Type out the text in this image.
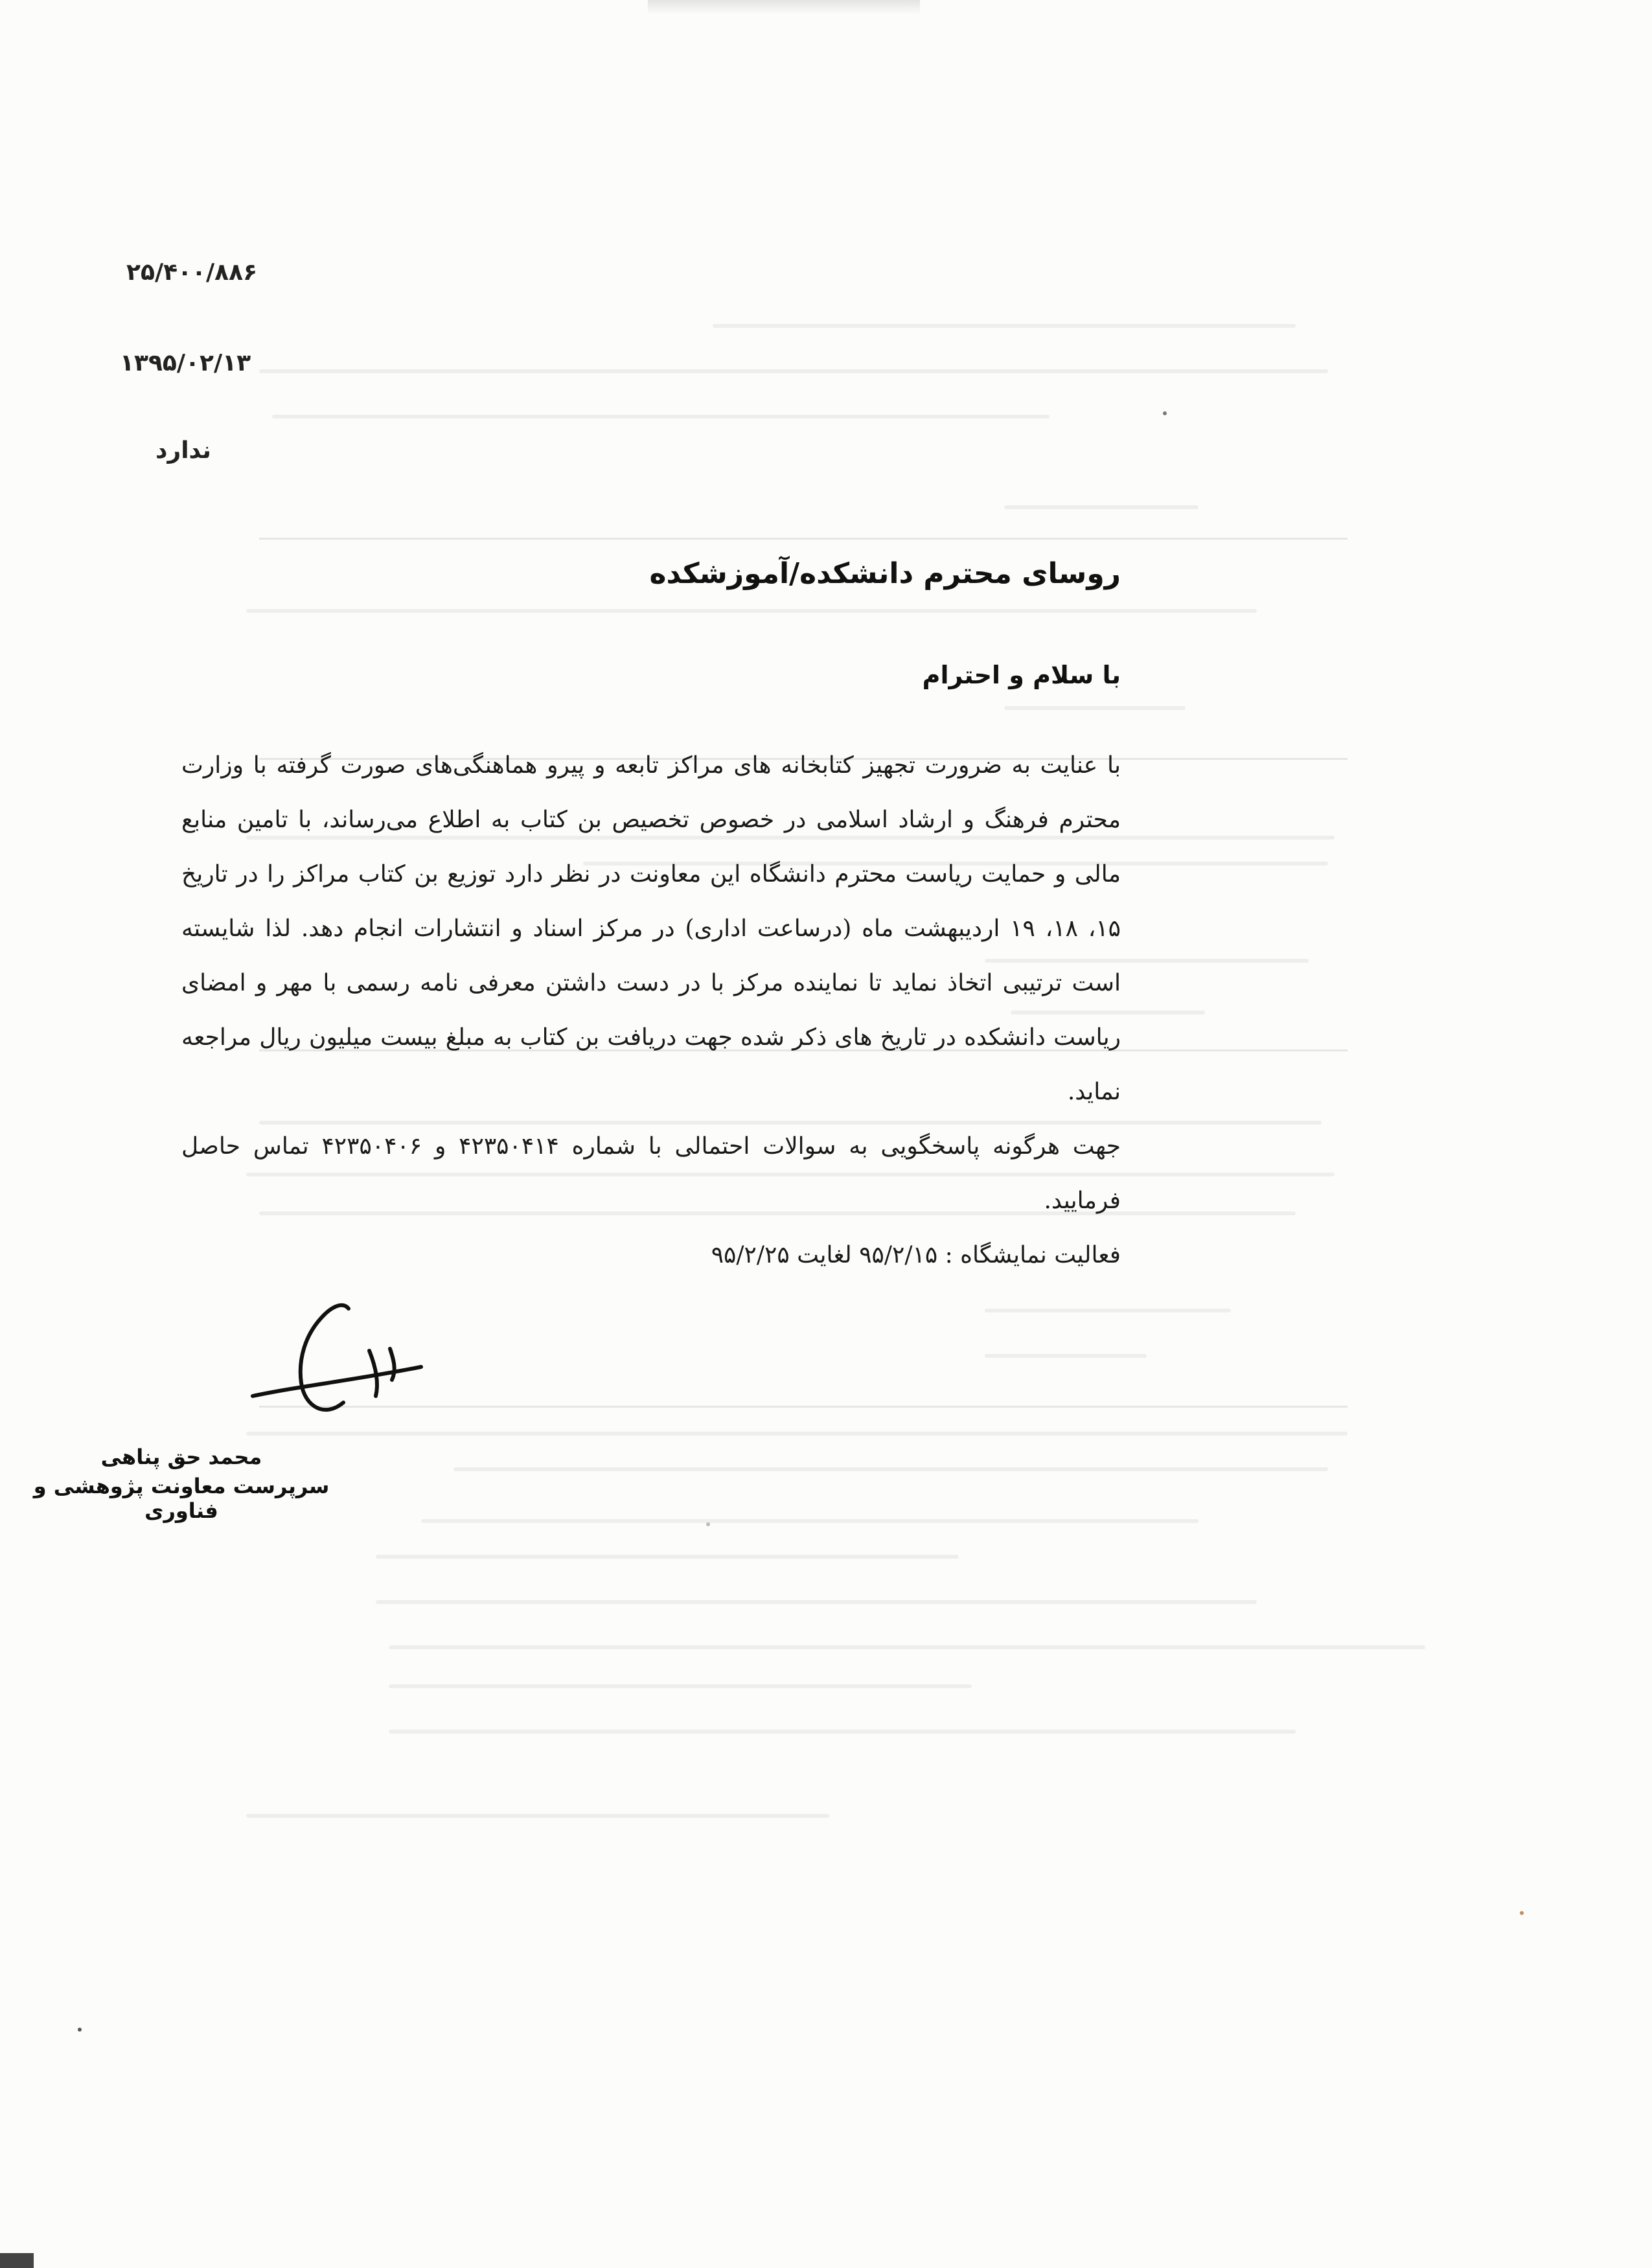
۲۵/۴۰۰/۸۸۶
۱۳۹۵/۰۲/۱۳
ندارد
روسای محترم دانشکده/آموزشکده
با سلام و احترام

با عنایت به ضرورت تجهیز کتابخانه های مراکز تابعه و پیرو هماهنگی‌های صورت گرفته با وزارت محترم فرهنگ و ارشاد اسلامی در خصوص تخصیص بن کتاب به اطلاع می‌رساند، با تامین منابع مالی و حمایت ریاست محترم دانشگاه این معاونت در نظر دارد توزیع بن کتاب مراکز را در تاریخ ۱۵، ۱۸، ۱۹ اردیبهشت ماه (درساعت اداری) در مرکز اسناد و انتشارات انجام دهد. لذا شایسته است ترتیبی اتخاذ نماید تا نماینده مرکز با در دست داشتن معرفی نامه رسمی با مهر و امضای ریاست دانشکده در تاریخ های ذکر شده جهت دریافت بن کتاب به مبلغ بیست میلیون ریال مراجعه نماید.

جهت هرگونه پاسخگویی به سوالات احتمالی با شماره ۴۲۳۵۰۴۱۴ و ۴۲۳۵۰۴۰۶ تماس حاصل فرمایید.

فعالیت نمایشگاه : ۹۵/۲/۱۵ لغایت ۹۵/۲/۲۵

محمد حق پناهی
سرپرست معاونت پژوهشی و فناوری
